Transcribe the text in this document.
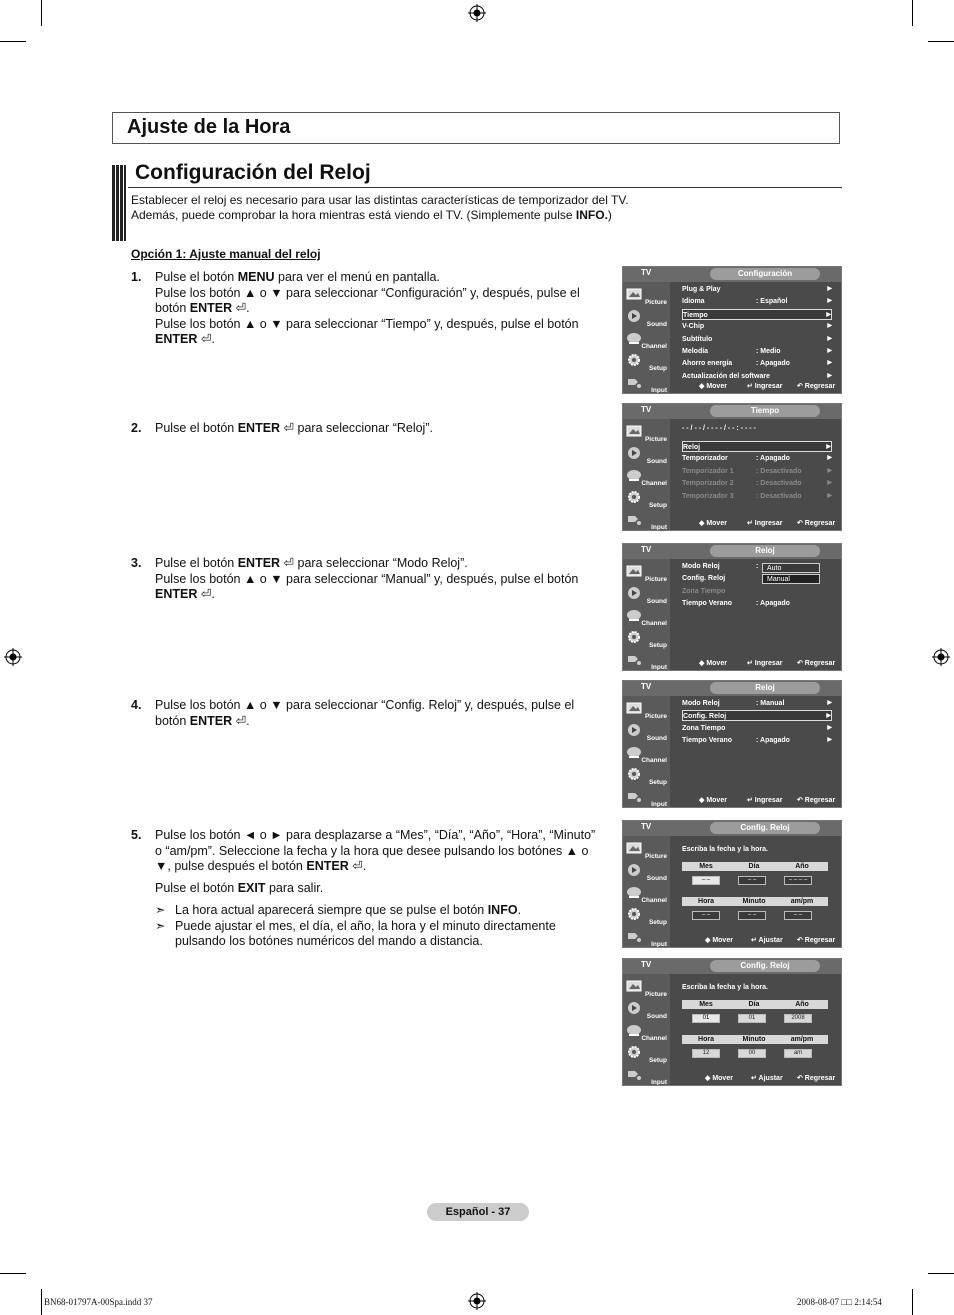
Ajuste de la Hora
Configuración del Reloj
Establecer el reloj es necesario para usar las distintas características de temporizador del TV.
Además, puede comprobar la hora mientras está viendo el TV. (Simplemente pulse INFO.)
Opción 1: Ajuste manual del reloj
1. Pulse el botón MENU para ver el menú en pantalla.

Pulse los botón ▲ o ▼ para seleccionar “Configuración” y, después, pulse el botón ENTER ⏎.

Pulse los botón ▲ o ▼ para seleccionar “Tiempo” y, después, pulse el botón ENTER ⏎.

2. Pulse el botón ENTER ⏎ para seleccionar “Reloj”.

3. Pulse el botón ENTER ⏎ para seleccionar “Modo Reloj”.

Pulse los botón ▲ o ▼ para seleccionar “Manual” y, después, pulse el botón ENTER ⏎.

4. Pulse los botón ▲ o ▼ para seleccionar “Config. Reloj” y, después, pulse el botón ENTER ⏎.

5. Pulse los botón ◄ o ► para desplazarse a “Mes”, “Día”, “Año”, “Hora”, “Minuto” o “am/pm”. Seleccione la fecha y la hora que desee pulsando los botónes ▲ o ▼, pulse después el botón ENTER ⏎.

Pulse el botón EXIT para salir.

➣ La hora actual aparecerá siempre que se pulse el botón INFO.
➣ Puede ajustar el mes, el día, el año, la hora y el minuto directamente pulsando los botónes numéricos del mando a distancia.
TV	Configuración
Picture
Sound
Channel
Setup
Input
Plug & Play	▶
Idioma	: Español	▶
Tiempo	▶
V-Chip	▶
Subtítulo	▶
Melodía	: Medio	▶
Ahorro energía	: Apagado	▶
Actualización del software	▶
◆ Mover	↵ Ingresar ↶ Regresar
TV	Tiempo
Picture
Sound
Channel
Setup
Input
- - / - - / - - - - / - - : - - - -
Reloj	▶
Temporizador	: Apagado	▶
Temporizador 1	: Desactivado	▶
Temporizador 2	: Desactivado	▶
Temporizador 3	: Desactivado	▶
◆ Mover	↵ Ingresar ↶ Regresar
TV	Reloj
Picture
Sound
Channel
Setup
Input
Modo Reloj	:
Config. Reloj
Zona Tiempo
Tiempo Verano	: Apagado
Auto
Manual
◆ Mover	↵ Ingresar ↶ Regresar
TV	Reloj
Picture
Sound
Channel
Setup
Input
Modo Reloj	: Manual	▶
Config. Reloj	▶
Zona Tiempo	▶
Tiempo Verano	: Apagado	▶
◆ Mover	↵ Ingresar ↶ Regresar
TV	Config. Reloj
Picture
Sound
Channel
Setup
Input
Escriba la fecha y la hora.
Mes	Día	Año
– –	– –	– – – –
Hora	Minuto	am/pm
– –	– –	– –
◆ Mover	↵ Ajustar ↶ Regresar
TV	Config. Reloj
Picture
Sound
Channel
Setup
Input
Escriba la fecha y la hora.
Mes	Día	Año
01	01	2008
Hora	Minuto	am/pm
12	00	am
◆ Mover	↵ Ajustar ↶ Regresar
Español - 37
BN68-01797A-00Spa.indd 37	2008-08-07 □□ 2:14:54
